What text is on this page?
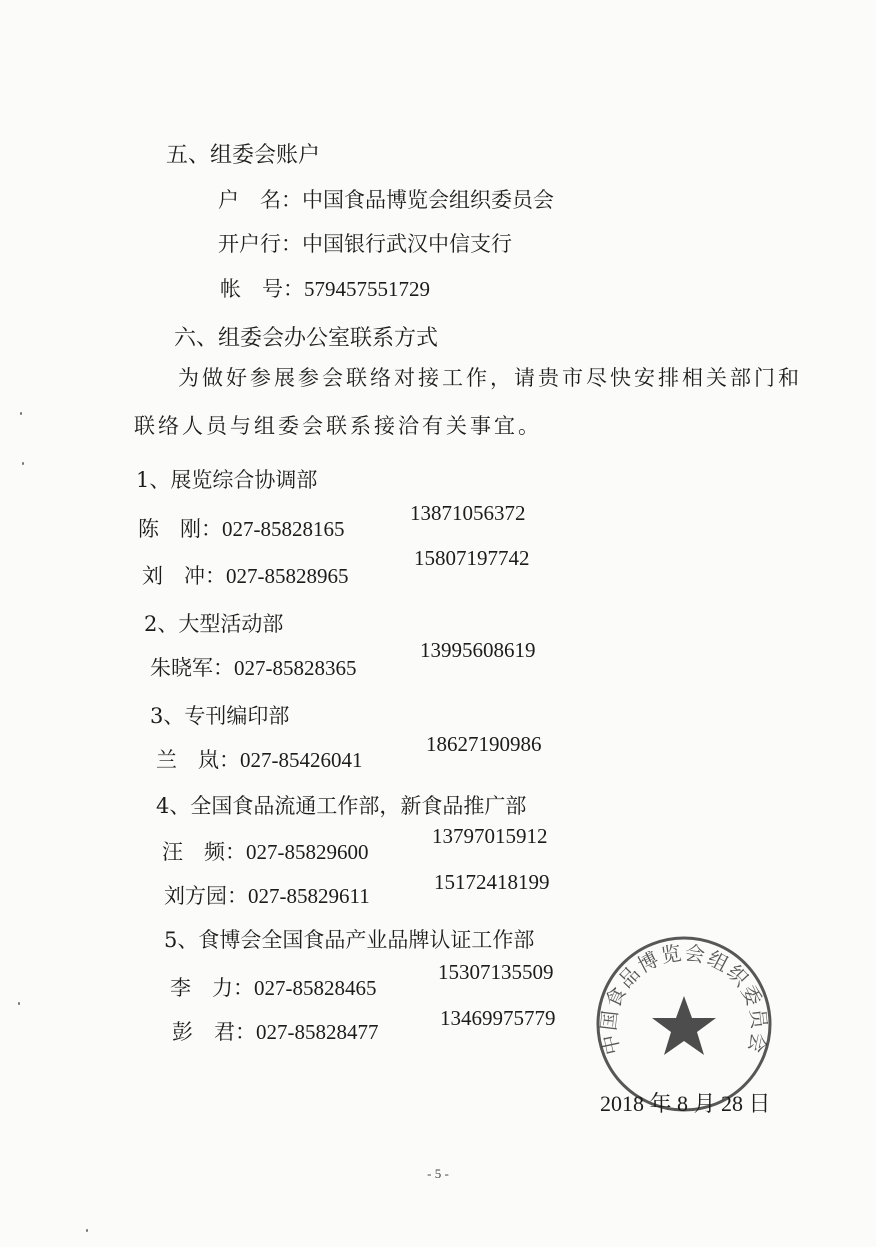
五、组委会账户
户　名：中国食品博览会组织委员会
开户行：中国银行武汉中信支行
帐　号：579457551729
六、组委会办公室联系方式
为做好参展参会联络对接工作，请贵市尽快安排相关部门和
联络人员与组委会联系接洽有关事宜。
1、展览综合协调部
陈　刚：027-85828165
13871056372
刘　冲：027-85828965
15807197742
2、大型活动部
朱晓军：027-85828365
13995608619
3、专刊编印部
兰　岚：027-85426041
18627190986
4、全国食品流通工作部，新食品推广部
汪　频：027-85829600
13797015912
刘方园：027-85829611
15172418199
5、食博会全国食品产业品牌认证工作部
李　力：027-85828465
15307135509
彭　君：027-85828477
13469975779
中国食品博览会组织委员会
2018 年 8 月 28 日
- 5 -
